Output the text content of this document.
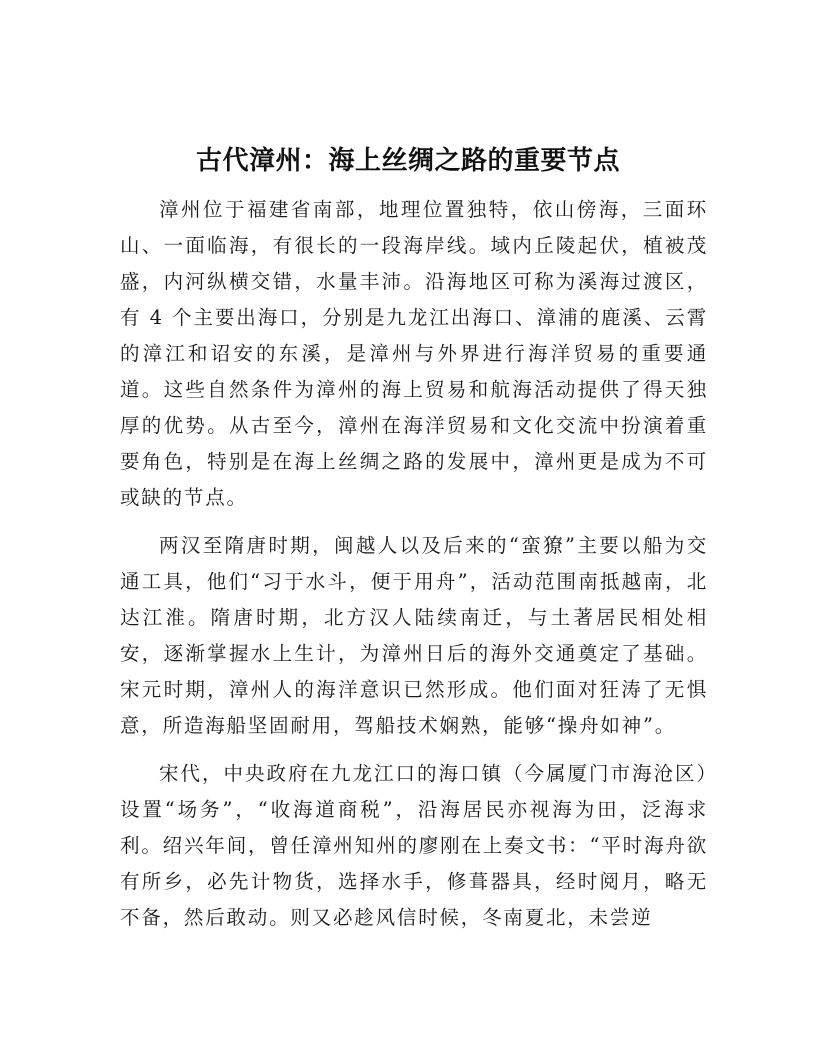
古代漳州：海上丝绸之路的重要节点

漳州位于福建省南部，地理位置独特，依山傍海，三面环山、一面临海，有很长的一段海岸线。域内丘陵起伏，植被茂盛，内河纵横交错，水量丰沛。沿海地区可称为溪海过渡区，有 4 个主要出海口，分别是九龙江出海口、漳浦的鹿溪、云霄的漳江和诏安的东溪，是漳州与外界进行海洋贸易的重要通道。这些自然条件为漳州的海上贸易和航海活动提供了得天独厚的优势。从古至今，漳州在海洋贸易和文化交流中扮演着重要角色，特别是在海上丝绸之路的发展中，漳州更是成为不可或缺的节点。

两汉至隋唐时期，闽越人以及后来的“蛮獠”主要以船为交通工具，他们“习于水斗，便于用舟”，活动范围南抵越南，北达江淮。隋唐时期，北方汉人陆续南迁，与土著居民相处相安，逐渐掌握水上生计，为漳州日后的海外交通奠定了基础。宋元时期，漳州人的海洋意识已然形成。他们面对狂涛了无惧意，所造海船坚固耐用，驾船技术娴熟，能够“操舟如神”。

宋代，中央政府在九龙江口的海口镇（今属厦门市海沧区）设置“场务”，“收海道商税”，沿海居民亦视海为田，泛海求利。绍兴年间，曾任漳州知州的廖刚在上奏文书：“平时海舟欲有所乡，必先计物货，选择水手，修葺器具，经时阅月，略无不备，然后敢动。则又必趁风信时候，冬南夏北，未尝逆
